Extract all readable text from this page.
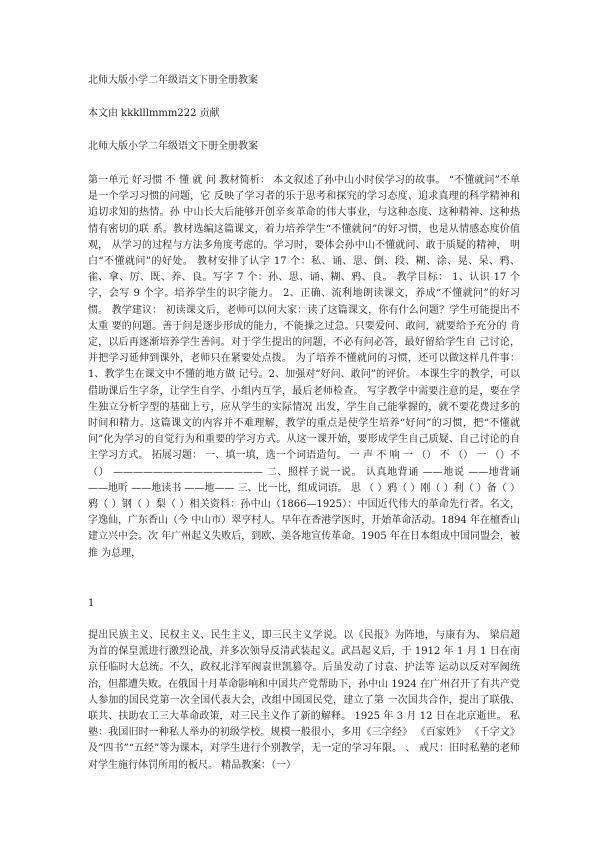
北师大版小学二年级语文下册全册教案
本文由 kkklllmmm222 贡献
北师大版小学二年级语文下册全册教案
第一单元 好习惯 不 懂 就 问 教材简析： 本文叙述了孙中山小时侯学习的故事。 “不懂就问”不单是一个学习习惯的问题，它 反映了学习者的乐于思考和探究的学习态度、追求真理的科学精神和追切求知的热情。孙 中山长大后能够开创辛亥革命的伟大事业，与这种态度、这种精神、这种热情有密切的联 系。教材选编这篇课文，着力培养学生“不懂就问”的好习惯，也是从情感态度价值观， 从学习的过程与方法多角度考虑的。学习时，要体会孙中山不懂就问、敢于质疑的精神， 明白“不懂就问”的好处。 教材安排了认字 17 个：私、诵、思、倒、段、糊、涂、晃、呆、鸦、雀、拿、厉、既、养、良。写字 7 个：孙、思、诵、糊、鸦、良。 教学目标： 1、认识 17 个字，会写 9 个字。培养学生的识字能力。 2、正确、流利地朗读课文，养成“不懂就问”的好习惯。 教学建议： 初读课文后，老师可以问大家：读了这篇课文，你有什么问题？学生可能提出不太重 要的问题。善于问是逐步形成的能力，不能操之过急。只要爱问、敢问，就要给予充分的 肯定，以后再逐渐培养学生善问。对于学生提出的问题，不必有问必答，最好留给学生自 己讨论，并把学习延伸到课外，老师只在紧要处点拨。 为了培养不懂就问的习惯，还可以做这样几件事：1、教学生在课文中不懂的地方做 记号。2、加强对“好问、敢问”的评价。 本课生字的教学，可以借助课后生字条，让学生自学、小组内互学，最后老师检查。 写字教学中需要注意的是，要在学生独立分析字型的基础上亏，应从学生的实际情况 出发，学生自己能掌握的，就不要花费过多的时间和精力。这篇课文的内容并不难理解，教学的重点是使学生培养“好问”的习惯，把“不懂就 问”化为学习的自觉行为和重要的学习方式。从这一课开始，要形成学生自己质疑、自己讨论的自主学习方式。 拓展习题： 一、填一填，选一个词语造句。 一 声 不 响 一 （） 不 （） 一 （）不（） ——————————————— 二、照样子说一说。 认真地背诵 ——地说 ——地背诵 ——地听 ——地读书 ——地—— 三、比一比，组成词语。 思 （ ）鸦（ ）刚（ ）利（ ）备（ ）鸦（ ）钢（ ）梨（ ）相关资料：孙中山（1866—1925）：中国近代伟大的革命先行者。名文，字逸仙，广东香山（今 中山市）翠亨村人。早年在香港学医时，开始革命活动。1894 年在檀香山建立兴中会。次 年广州起义失败后，到欧、美各地宣传革命。1905 年在日本组成中国同盟会，被推 为总理，
1
提出民族主义、民权主义、民生主义，即三民主义学说。以《民报》为阵地，与康有为、 梁启超为首的保皇派进行激烈论战，并多次领导反清武装起义。武昌起义后，于 1912 年 1 月 1 日在南京任临时大总统。不久，政权北洋军阀袁世凯篡夺。后虽发动了讨袁、护法等 运动以反对军阀统治，但都遭失败。在俄国十月革命影响和中国共产党帮助下，孙中山 1924 在广州召开了有共产党人参加的国民党第一次全国代表大会，改组中国国民党，建立了第 一次国共合作，提出了联俄、联共、扶助农工三大革命政策，对三民主义作了新的解释。 1925 年 3 月 12 日在北京逝世。 私塾：我国旧时一种私人举办的初级学校。规模一般很小，多用《三字经》 《百家姓》 《千字文》及“四书”“五经”等为课本，对学生进行个别教学，无一定的学习年限。 、 戒尺：旧时私塾的老师对学生施行体罚所用的板尺。 精品教案：（一）
